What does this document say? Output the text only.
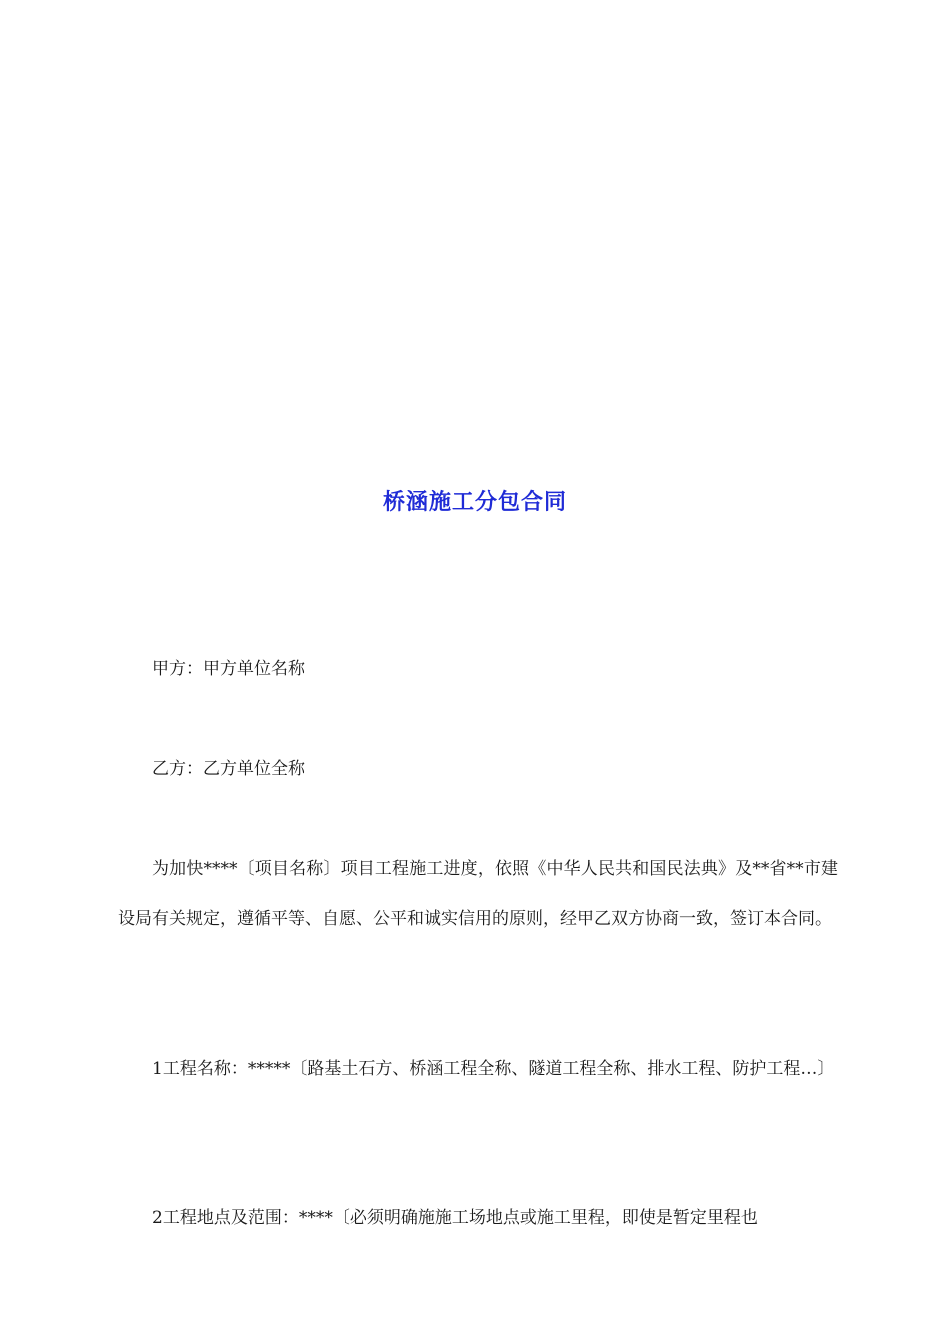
桥涵施工分包合同

甲方：甲方单位名称

乙方：乙方单位全称

为加快****〔项目名称〕项目工程施工进度，依照《中华人民共和国民法典》及**省**市建设局有关规定，遵循平等、自愿、公平和诚实信用的原则，经甲乙双方协商一致，签订本合同。

1工程名称：*****〔路基土石方、桥涵工程全称、隧道工程全称、排水工程、防护工程…〕

2工程地点及范围：****〔必须明确施施工场地点或施工里程，即使是暂定里程也
